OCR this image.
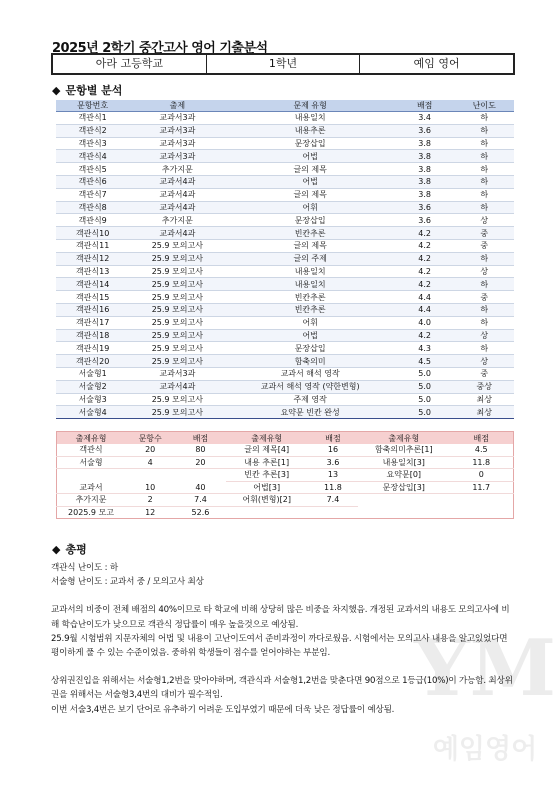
2025년 2학기 중간고사 영어 기출분석
아라 고등학교	1학년	예임 영어
◆ 문항별 분석
문항번호	출제	문제 유형	배점	난이도
객관식1	교과서3과	내용일치	3.4	하
객관식2	교과서3과	내용추론	3.6	하
객관식3	교과서3과	문장삽입	3.8	하
객관식4	교과서3과	어법	3.8	하
객관식5	추가지문	글의 제목	3.8	하
객관식6	교과서4과	어법	3.8	하
객관식7	교과서4과	글의 제목	3.8	하
객관식8	교과서4과	어휘	3.6	하
객관식9	추가지문	문장삽입	3.6	상
객관식10	교과서4과	빈칸추론	4.2	중
객관식11	25.9 모의고사	글의 제목	4.2	중
객관식12	25.9 모의고사	글의 주제	4.2	하
객관식13	25.9 모의고사	내용일치	4.2	상
객관식14	25.9 모의고사	내용일치	4.2	하
객관식15	25.9 모의고사	빈칸추론	4.4	중
객관식16	25.9 모의고사	빈칸추론	4.4	하
객관식17	25.9 모의고사	어휘	4.0	하
객관식18	25.9 모의고사	어법	4.2	상
객관식19	25.9 모의고사	문장삽입	4.3	하
객관식20	25.9 모의고사	함축의미	4.5	상
서술형1	교과서3과	교과서 해석 영작	5.0	중
서술형2	교과서4과	교과서 해석 영작 (약한변형)	5.0	중상
서술형3	25.9 모의고사	주제 영작	5.0	최상
서술형4	25.9 모의고사	요약문 빈칸 완성	5.0	최상
출제유형	문항수	배점	출제유형	배점	출제유형	배점
객관식	20	80	글의 제목[4]	16	함축의미추론[1]	4.5
서술형	4	20	내용 추론[1]	3.6	내용일치[3]	11.8
			빈칸 추론[3]	13	요약문[0]	0
교과서	10	40	어법[3]	11.8	문장삽입[3]	11.7
추가지문	2	7.4	어휘(변형)[2]	7.4		
2025.9 모고	12	52.6				
◆ 총평
YM
예임영어

객관식 난이도 : 하

서술형 난이도 : 교과서 중 / 모의고사 최상

교과서의 비중이 전체 배점의 40%이므로 타 학교에 비해 상당히 많은 비중을 차지했음. 개정된 교과서의 내용도 모의고사에 비해 학습난이도가 낮으므로 객관식 정답률이 매우 높을것으로 예상됨.

25.9월 시험범위 지문자체의 어법 및 내용이 고난이도여서 준비과정이 까다로웠음. 시험에서는 모의고사 내용을 알고있었다면 평이하게 풀 수 있는 수준이었음. 중하위 학생들이 점수를 얻어야하는 부분임.

상위권진입을 위해서는 서술형1,2번을 맞아야하며, 객관식과 서술형1,2번을 맞춘다면 90점으로 1등급(10%)이 가능함. 최상위권을 위해서는 서술형3,4번의 대비가 필수적임.

이번 서술3,4번은 보기 단어로 유추하기 어려운 도입부였기 때문에 더욱 낮은 정답률이 예상됨.
